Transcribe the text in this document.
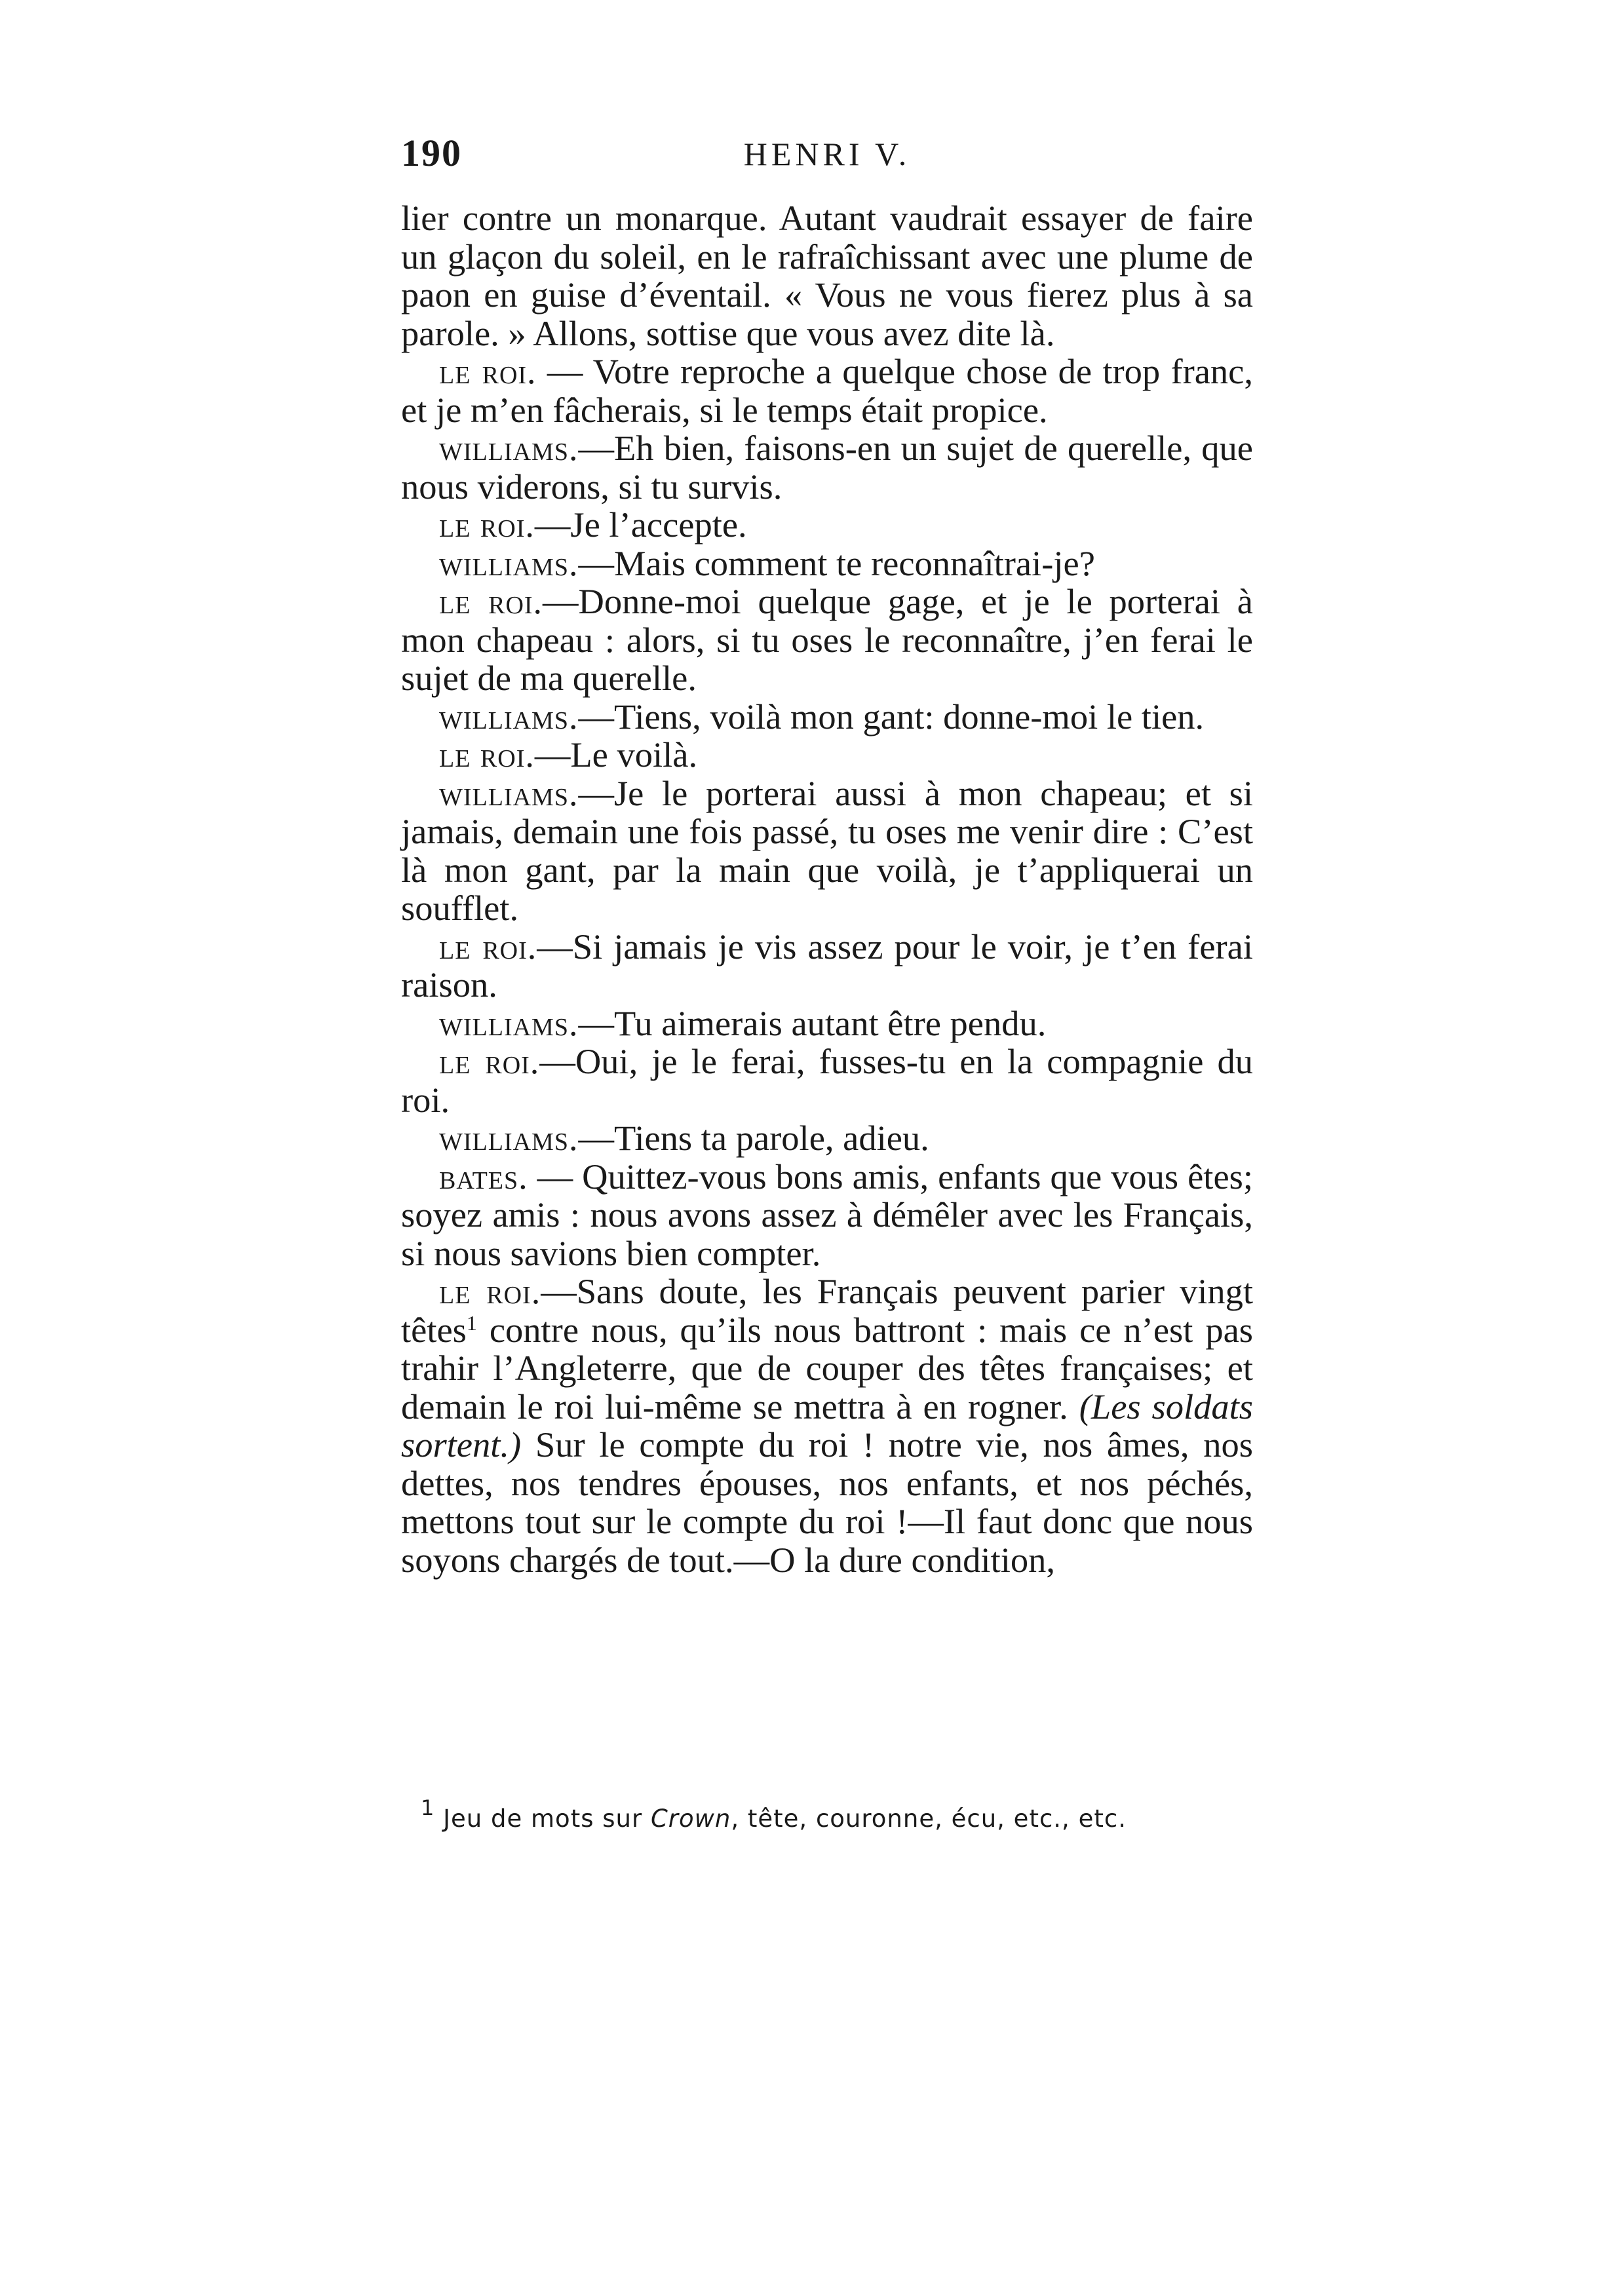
190	HENRI V.

lier contre un monarque. Autant vaudrait essayer de faire un glaçon du soleil, en le rafraîchissant avec une plume de paon en guise d’éventail. « Vous ne vous fierez plus à sa parole. » Allons, sottise que vous avez dite là.

le roi. — Votre reproche a quelque chose de trop franc, et je m’en fâcherais, si le temps était propice.

williams.—Eh bien, faisons-en un sujet de querelle, que nous viderons, si tu survis.

le roi.—Je l’accepte.

williams.—Mais comment te reconnaîtrai-je?

le roi.—Donne-moi quelque gage, et je le porterai à mon chapeau : alors, si tu oses le reconnaître, j’en ferai le sujet de ma querelle.

williams.—Tiens, voilà mon gant: donne-moi le tien.

le roi.—Le voilà.

williams.—Je le porterai aussi à mon chapeau; et si jamais, demain une fois passé, tu oses me venir dire : C’est là mon gant, par la main que voilà, je t’appliquerai un soufflet.

le roi.—Si jamais je vis assez pour le voir, je t’en ferai raison.

williams.—Tu aimerais autant être pendu.

le roi.—Oui, je le ferai, fusses-tu en la compagnie du roi.

williams.—Tiens ta parole, adieu.

bates. — Quittez-vous bons amis, enfants que vous êtes; soyez amis : nous avons assez à démêler avec les Français, si nous savions bien compter.

le roi.—Sans doute, les Français peuvent parier vingt têtes$^1$ contre nous, qu’ils nous battront : mais ce n’est pas trahir l’Angleterre, que de couper des têtes françaises; et demain le roi lui-même se mettra à en rogner. (Les soldats sortent.) Sur le compte du roi ! notre vie, nos âmes, nos dettes, nos tendres épouses, nos enfants, et nos péchés, mettons tout sur le compte du roi !—Il faut donc que nous soyons chargés de tout.—O la dure condition,

$^1$ Jeu de mots sur Crown, tête, couronne, écu, etc., etc.
